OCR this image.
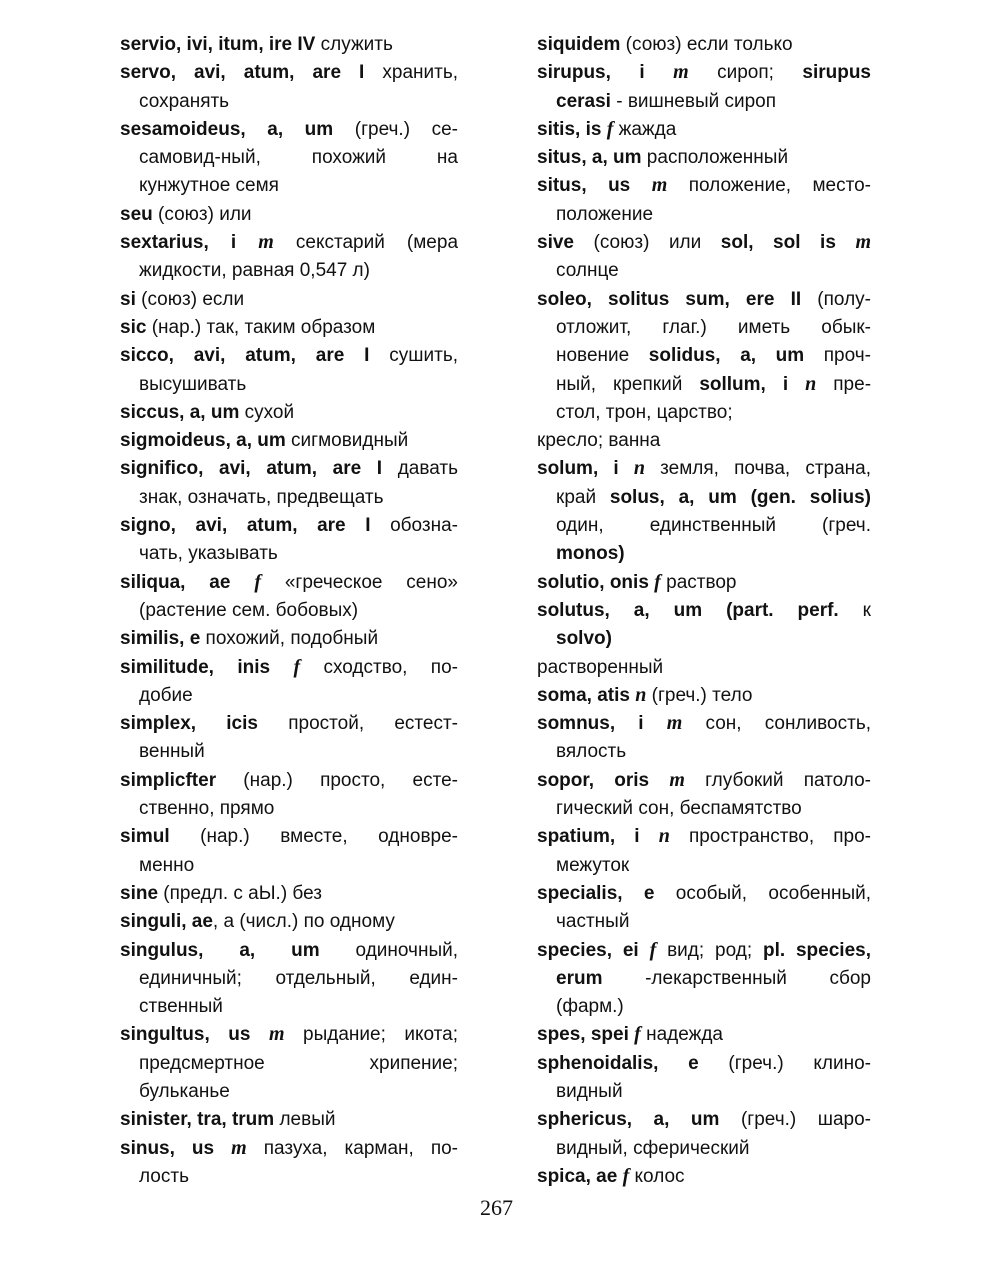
servio, ivi, itum, ire IV служить
servo, avi, atum, are I хранить,
сохранять
sesamoideus, a, um (греч.) се-
самовид-ный, похожий на
кунжутное семя
seu (союз) или
sextarius, i m секстарий (мера
жидкости, равная 0,547 л)
si (союз) если
sic (нар.) так, таким образом
sicco, avi, atum, are I сушить,
высушивать
siccus, a, um сухой
sigmoideus, a, um сигмовидный
significo, avi, atum, are I давать
знак, означать, предвещать
signo, avi, atum, are I обозна-
чать, указывать
siliqua, ae f «греческое сено»
(растение сем. бобовых)
similis, e похожий, подобный
similitude, inis f сходство, по-
добие
simplex, icis простой, естест-
венный
simplicfter (нар.) просто, есте-
ственно, прямо
simul (нар.) вместе, одновре-
менно
sine (предл. с аЫ.) без
singuli, ae, а (числ.) по одному
singulus, a, um одиночный,
единичный; отдельный, един-
ственный
singultus, us m рыдание; икота;
предсмертное хрипение;
бульканье
sinister, tra, trum левый
sinus, us m пазуха, карман, по-
лость
siquidem (союз) если только
sirupus, i m сироп; sirupus
cerasi - вишневый сироп
sitis, is f жажда
situs, a, um расположенный
situs, us m положение, место-
положение
sive (союз) или sol, sol is m
солнце
soleo, solitus sum, ere II (полу-
отложит, глаг.) иметь обык-
новение solidus, a, um проч-
ный, крепкий sollum, i n пре-
стол, трон, царство;
кресло; ванна
solum, i n земля, почва, страна,
край solus, a, um (gen. solius)
один, единственный (греч.
monos)
solutio, onis f раствор
solutus, a, um (part. perf. к
solvo)
растворенный
soma, atis n (греч.) тело
somnus, i m сон, сонливость,
вялость
sopor, oris m глубокий патоло-
гический сон, беспамятство
spatium, i n пространство, про-
межуток
specialis, e особый, особенный,
частный
species, ei f вид; род; pl. species,
erum -лекарственный сбор
(фарм.)
spes, spei f надежда
sphenoidalis, e (греч.) клино-
видный
sphericus, a, um (греч.) шаро-
видный, сферический
spica, ae f колос
267
